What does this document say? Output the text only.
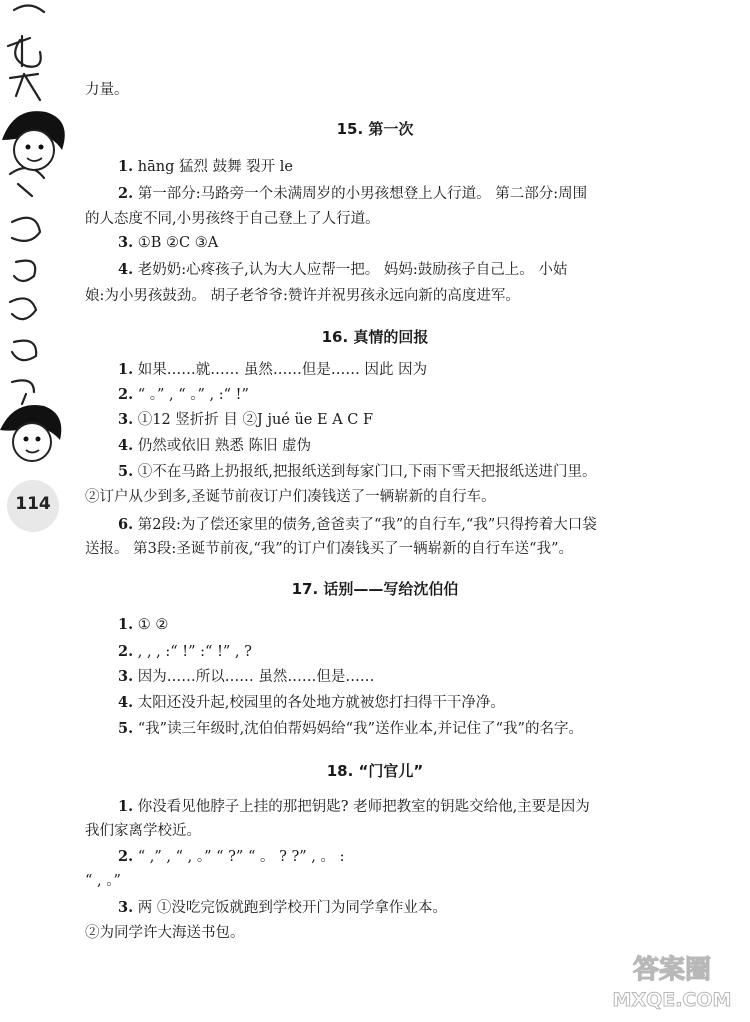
114
力量。
15. 第一次
1. hāng 猛烈 鼓舞 裂开 le
2. 第一部分:马路旁一个未满周岁的小男孩想登上人行道。 第二部分:周围
的人态度不同,小男孩终于自己登上了人行道。
3. ①B ②C ③A
4. 老奶奶:心疼孩子,认为大人应帮一把。 妈妈:鼓励孩子自己上。 小姑
娘:为小男孩鼓劲。 胡子老爷爷:赞许并祝男孩永远向新的高度进军。
16. 真情的回报
1. 如果……就…… 虽然……但是…… 因此 因为
2. “ 。” , “ 。” , :“ !”
3. ①12 竖折折 目 ②J jué üe E A C F
4. 仍然或依旧 熟悉 陈旧 虚伪
5. ①不在马路上扔报纸,把报纸送到每家门口,下雨下雪天把报纸送进门里。
②订户从少到多,圣诞节前夜订户们凑钱送了一辆崭新的自行车。
6. 第2段:为了偿还家里的债务,爸爸卖了“我”的自行车,“我”只得挎着大口袋
送报。 第3段:圣诞节前夜,“我”的订户们凑钱买了一辆崭新的自行车送“我”。
17. 话别——写给沈伯伯
1. ① ②
2. , , , :“ !” :“ !” , ?
3. 因为……所以…… 虽然……但是……
4. 太阳还没升起,校园里的各处地方就被您打扫得干干净净。
5. “我”读三年级时,沈伯伯帮妈妈给“我”送作业本,并记住了“我”的名字。
18. “门官儿”
1. 你没看见他脖子上挂的那把钥匙? 老师把教室的钥匙交给他,主要是因为
我们家离学校近。
2. “ ,” , “ , 。” “ ?” “ 。 ? ?” , 。 :
“ , 。”
3. 两 ①没吃完饭就跑到学校开门为同学拿作业本。
②为同学许大海送书包。
答案圈
MXQE.COM
